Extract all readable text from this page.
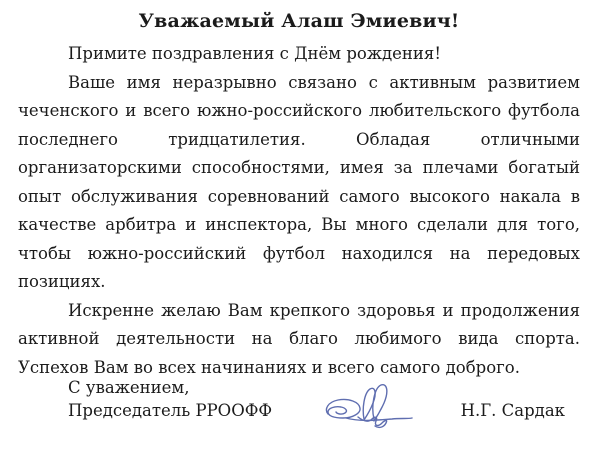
Уважаемый Алаш Эмиевич!

Примите поздравления с Днём рождения!

Ваше имя неразрывно связано с активным развитием чеченского и всего южно-российского любительского футбола последнего тридцатилетия. Обладая отличными организаторскими способностями, имея за плечами богатый опыт обслуживания соревнований самого высокого накала в качестве арбитра и инспектора, Вы много сделали для того, чтобы южно-российский футбол находился на передовых позициях.

Искренне желаю Вам крепкого здоровья и продолжения активной деятельности на благо любимого вида спорта. Успехов Вам во всех начинаниях и всего самого доброго.

С уважением,
Председатель РРООФФ	Н.Г. Сардак
